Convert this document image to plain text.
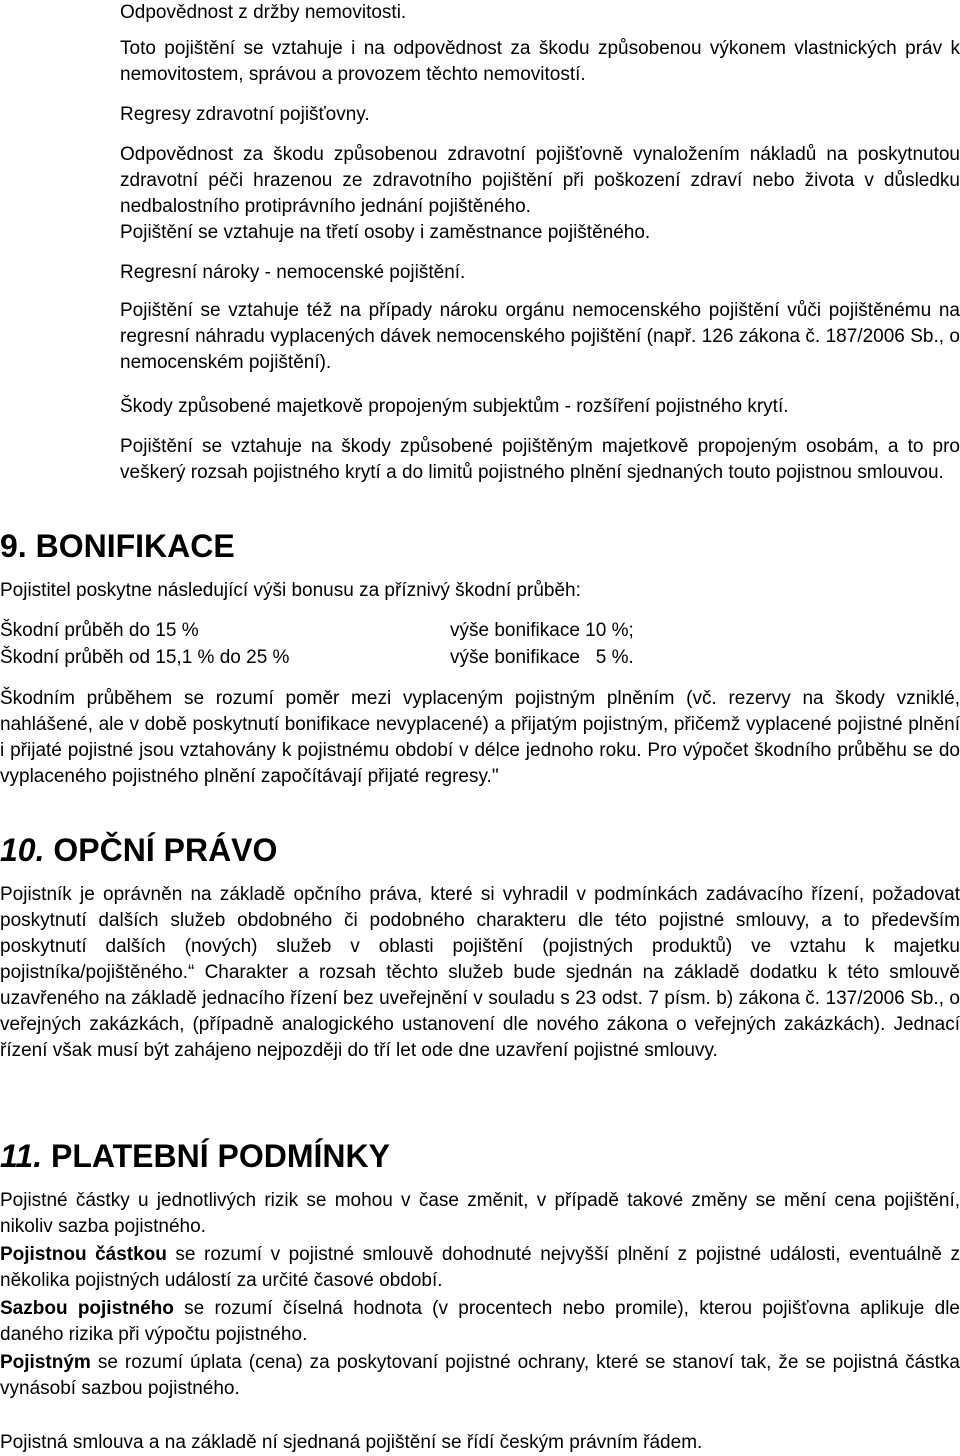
Odpovědnost z držby nemovitosti.

Toto pojištění se vztahuje i na odpovědnost za škodu způsobenou výkonem vlastnických práv k nemovitostem, správou a provozem těchto nemovitostí.

Regresy zdravotní pojišťovny.

Odpovědnost za škodu způsobenou zdravotní pojišťovně vynaložením nákladů na poskytnutou zdravotní péči hrazenou ze zdravotního pojištění při poškození zdraví nebo života v důsledku nedbalostního protiprávního jednání pojištěného.

Pojištění se vztahuje na třetí osoby i zaměstnance pojištěného.

Regresní nároky - nemocenské pojištění.

Pojištění se vztahuje též na případy nároku orgánu nemocenského pojištění vůči pojištěnému na regresní náhradu vyplacených dávek nemocenského pojištění (např. 126 zákona č. 187/2006 Sb., o nemocenském pojištění).

Škody způsobené majetkově propojeným subjektům - rozšíření pojistného krytí.

Pojištění se vztahuje na škody způsobené pojištěným majetkově propojeným osobám, a to pro veškerý rozsah pojistného krytí a do limitů pojistného plnění sjednaných touto pojistnou smlouvou.

9. BONIFIKACE

Pojistitel poskytne následující výši bonusu za příznivý škodní průběh:

Škodní průběh do 15 %	výše bonifikace 10 %;
Škodní průběh od 15,1 % do 25 %	výše bonifikace   5 %.

Škodním průběhem se rozumí poměr mezi vyplaceným pojistným plněním (vč. rezervy na škody vzniklé, nahlášené, ale v době poskytnutí bonifikace nevyplacené) a přijatým pojistným, přičemž vyplacené pojistné plnění i přijaté pojistné jsou vztahovány k pojistnému období v délce jednoho roku. Pro výpočet škodního průběhu se do vyplaceného pojistného plnění započítávají přijaté regresy."

10. OPČNÍ PRÁVO

Pojistník je oprávněn na základě opčního práva, které si vyhradil v podmínkách zadávacího řízení, požadovat poskytnutí dalších služeb obdobného či podobného charakteru dle této pojistné smlouvy, a to především poskytnutí dalších (nových) služeb v oblasti pojištění (pojistných produktů) ve vztahu k majetku pojistníka/pojištěného.“ Charakter a rozsah těchto služeb bude sjednán na základě dodatku k této smlouvě uzavřeného na základě jednacího řízení bez uveřejnění v souladu s 23 odst. 7 písm. b) zákona č. 137/2006 Sb., o veřejných zakázkách, (případně analogického ustanovení dle nového zákona o veřejných zakázkách). Jednací řízení však musí být zahájeno nejpozději do tří let ode dne uzavření pojistné smlouvy.

11. PLATEBNÍ PODMÍNKY

Pojistné částky u jednotlivých rizik se mohou v čase změnit, v případě takové změny se mění cena pojištění, nikoliv sazba pojistného.

Pojistnou částkou se rozumí v pojistné smlouvě dohodnuté nejvyšší plnění z pojistné události, eventuálně z několika pojistných událostí za určité časové období.

Sazbou pojistného se rozumí číselná hodnota (v procentech nebo promile), kterou pojišťovna aplikuje dle daného rizika při výpočtu pojistného.

Pojistným se rozumí úplata (cena) za poskytovaní pojistné ochrany, které se stanoví tak, že se pojistná částka vynásobí sazbou pojistného.

Pojistná smlouva a na základě ní sjednaná pojištění se řídí českým právním řádem.
